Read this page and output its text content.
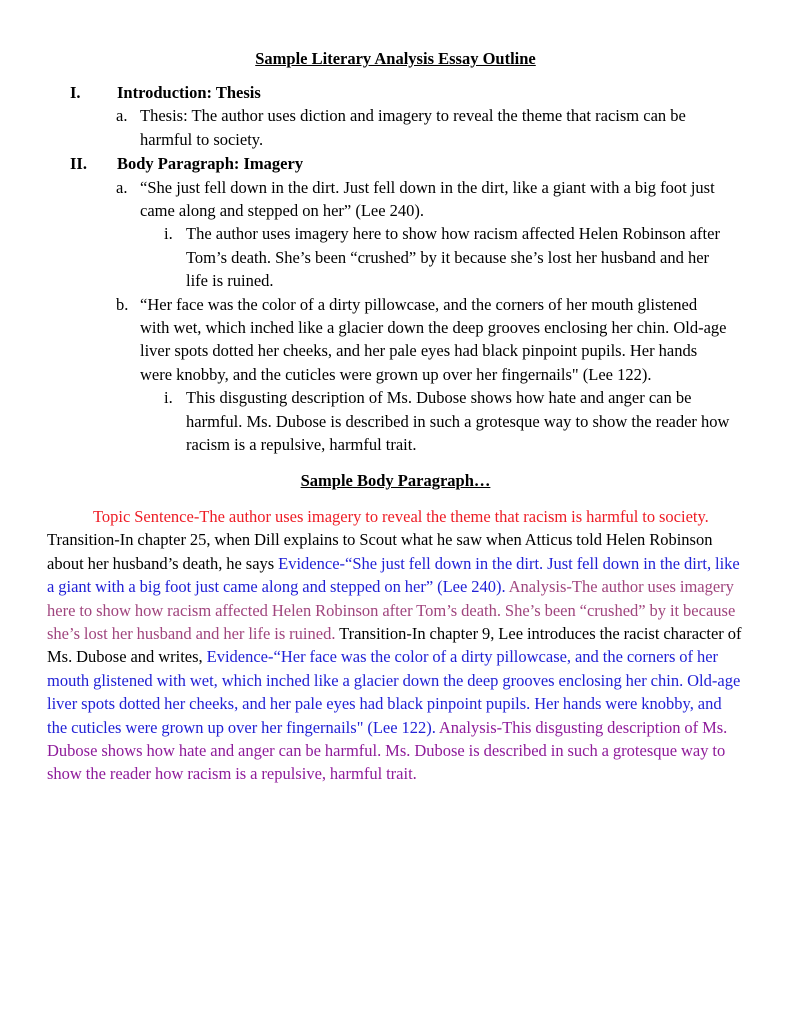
Sample Literary Analysis Essay Outline
I. Introduction: Thesis
a. Thesis: The author uses diction and imagery to reveal the theme that racism can be harmful to society.
II. Body Paragraph: Imagery
a. “She just fell down in the dirt. Just fell down in the dirt, like a giant with a big foot just came along and stepped on her” (Lee 240).
i. The author uses imagery here to show how racism affected Helen Robinson after Tom’s death. She’s been “crushed” by it because she’s lost her husband and her life is ruined.
b. “Her face was the color of a dirty pillowcase, and the corners of her mouth glistened with wet, which inched like a glacier down the deep grooves enclosing her chin. Old-age liver spots dotted her cheeks, and her pale eyes had black pinpoint pupils. Her hands were knobby, and the cuticles were grown up over her fingernails" (Lee 122).
i. This disgusting description of Ms. Dubose shows how hate and anger can be harmful. Ms. Dubose is described in such a grotesque way to show the reader how racism is a repulsive, harmful trait.
Sample Body Paragraph…

Topic Sentence-The author uses imagery to reveal the theme that racism is harmful to society. Transition-In chapter 25, when Dill explains to Scout what he saw when Atticus told Helen Robinson about her husband’s death, he says Evidence-“She just fell down in the dirt. Just fell down in the dirt, like a giant with a big foot just came along and stepped on her” (Lee 240). Analysis-The author uses imagery here to show how racism affected Helen Robinson after Tom’s death. She’s been “crushed” by it because she’s lost her husband and her life is ruined. Transition-In chapter 9, Lee introduces the racist character of Ms. Dubose and writes, Evidence-“Her face was the color of a dirty pillowcase, and the corners of her mouth glistened with wet, which inched like a glacier down the deep grooves enclosing her chin. Old-age liver spots dotted her cheeks, and her pale eyes had black pinpoint pupils. Her hands were knobby, and the cuticles were grown up over her fingernails" (Lee 122). Analysis-This disgusting description of Ms. Dubose shows how hate and anger can be harmful. Ms. Dubose is described in such a grotesque way to show the reader how racism is a repulsive, harmful trait.
